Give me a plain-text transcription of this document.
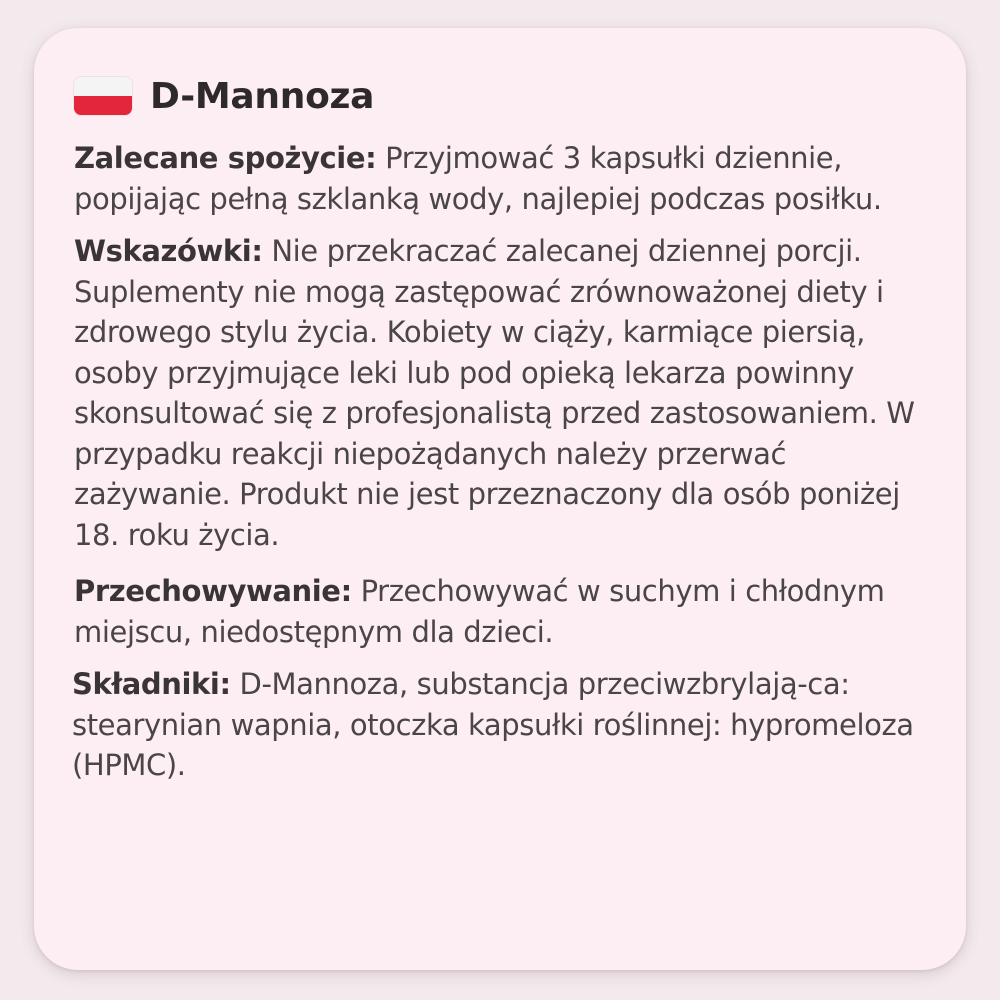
D-Mannoza

Zalecane spożycie: Przyjmować 3 kapsułki dziennie, popijając pełną szklanką wody, najlepiej podczas posiłku.

Wskazówki: Nie przekraczać zalecanej dziennej porcji. Suplementy nie mogą zastępować zrównoważonej diety i zdrowego stylu życia. Kobiety w ciąży, karmiące piersią, osoby przyjmujące leki lub pod opieką lekarza powinny skonsultować się z profesjonalistą przed zastosowaniem. W przypadku reakcji niepożądanych należy przerwać zażywanie. Produkt nie jest przeznaczony dla osób poniżej 18. roku życia.

Przechowywanie: Przechowywać w suchym i chłodnym miejscu, niedostępnym dla dzieci.

Składniki: D-Mannoza, substancja przeciwzbrylają-ca: stearynian wapnia, otoczka kapsułki roślinnej: hypromeloza (HPMC).
